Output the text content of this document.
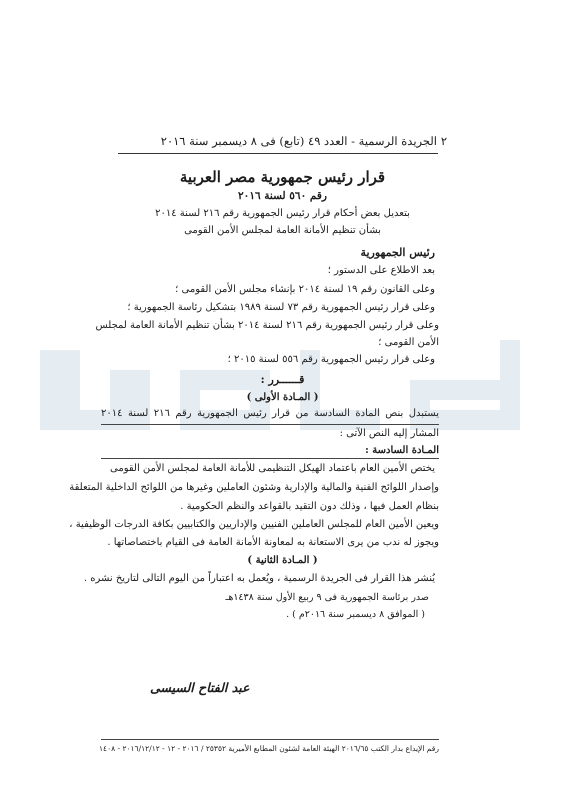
٢
الجريدة الرسمية - العدد ٤٩ (تابع) فى ٨ ديسمبر سنة ٢٠١٦
قرار رئيس جمهورية مصر العربية
رقم ٥٦٠ لسنة ٢٠١٦
بتعديل بعض أحكام قرار رئيس الجمهورية رقم ٢١٦ لسنة ٢٠١٤
بشأن تنظيم الأمانة العامة لمجلس الأمن القومى
رئيس الجمهورية
بعد الاطلاع على الدستور ؛
وعلى القانون رقم ١٩ لسنة ٢٠١٤ بإنشاء مجلس الأمن القومى ؛
وعلى قرار رئيس الجمهورية رقم ٧٣ لسنة ١٩٨٩ بتشكيل رئاسة الجمهورية ؛
وعلى قرار رئيس الجمهورية رقم ٢١٦ لسنة ٢٠١٤ بشأن تنظيم الأمانة العامة لمجلس
الأمن القومى ؛
وعلى قرار رئيس الجمهورية رقم ٥٥٦ لسنة ٢٠١٥ ؛
قــــــرر :
( المـادة الأولى )
يستبدل بنص المادة السادسة من قرار رئيس الجمهورية رقم ٢١٦ لسنة ٢٠١٤
المشار إليه النص الآتى :
المـادة السادسة :
يختص الأمين العام باعتماد الهيكل التنظيمى للأمانة العامة لمجلس الأمن القومى
وإصدار اللوائح الفنية والمالية والإدارية وشئون العاملين وغيرها من اللوائح الداخلية المتعلقة
بنظام العمل فيها ، وذلك دون التقيد بالقواعد والنظم الحكومية .
ويعين الأمين العام للمجلس العاملين الفنيين والإداريين والكتابيين بكافة الدرجات الوظيفية ،
ويجوز له ندب من يرى الاستعانة به لمعاونة الأمانة العامة فى القيام باختصاصاتها .
( المـادة الثانية )
يُنشر هذا القرار فى الجريدة الرسمية ، ويُعمل به اعتباراً من اليوم التالى لتاريخ نشره .
صدر برئاسة الجمهورية فى ٩ ربيع الأول سنة ١٤٣٨هـ
( الموافق ٨ ديسمبر سنة ٢٠١٦م ) .
عبد الفتاح السيسى
رقم الإيداع بدار الكتب ٢٠١٦/٦٥ الهيئة العامة لشئون المطابع الأميرية ٢٥٣٥٢ / ٢٠١٦ - ١٢ - ٢٠١٦/١٢/١٢ - ١٤٠٨
